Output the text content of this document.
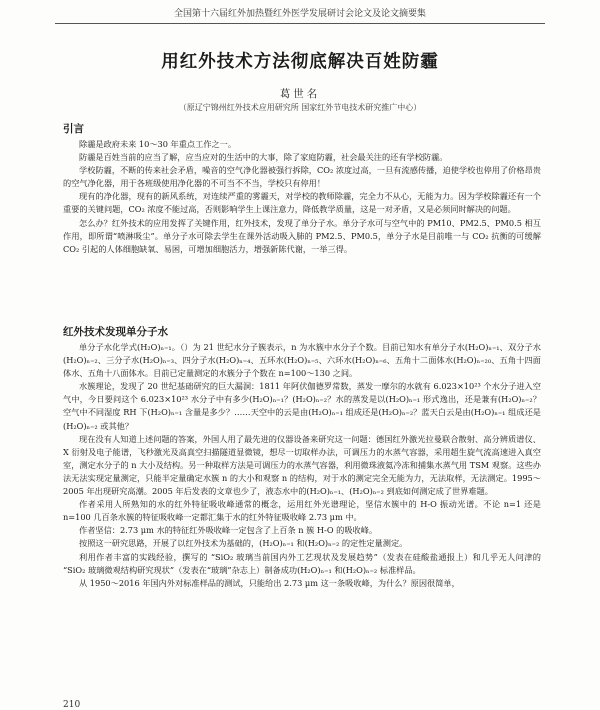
全国第十六届红外加热暨红外医学发展研讨会论文及论文摘要集
用红外技术方法彻底解决百姓防霾
葛世名
（原辽宁锦州红外技术应用研究所 国家红外节电技术研究推广中心）
引言

除霾是政府未来 10～30 年重点工作之一。

防霾是百姓当前的应当了解，应当应对的生活中的大事，除了家庭防霾，社会最关注的还有学校防霾。

学校防霾，不断的传来社会矛盾，噪音的空气净化器被强行拆除，CO₂ 浓度过高，一旦有流感传播，迫使学校也停用了价格昂贵的空气净化器，用于各班级使用净化器的不可当不不当，学校只有停用！

现有的净化器，现有的新风系统，对连续严重的雾霾天，对学校的教师除霾，完全力不从心，无能为力。因为学校除霾还有一个重要的关键问题，CO₂ 浓度不能过高，否则影响学生上课注意力，降低教学质量，这是一对矛盾，又是必须同时解决的问题。

怎么办？红外技术的应用发挥了关键作用，红外技术，发现了单分子水。单分子水可与空气中的 PM10、PM2.5、PM0.5 相互作用，即所谓“喷淋吸尘”。单分子水可除去学生在课外活动吸入肺的 PM2.5、PM0.5，单分子水是目前唯一与 CO₂ 抗衡的可缓解 CO₂ 引起的人体细胞缺氧、易困，可增加细胞活力，增强新陈代谢，一举三得。

红外技术发现单分子水

单分子水化学式(H₂O)ₙ₌₁。（）为 21 世纪水分子簇表示，n 为水簇中水分子个数。目前已知水有单分子水(H₂O)ₙ₌₁、双分子水(H₂O)ₙ₌₂、三分子水(H₂O)ₙ₌₃、四分子水(H₂O)ₙ₌₄、五环水(H₂O)ₙ₌₅、六环水(H₂O)ₙ₌₆、五角十二面体水(H₂O)ₙ₌₂₀、五角十四面体水、五角十八面体水。目前已定量测定的水簇分子个数在 n=100～130 之间。

水簇理论，发现了 20 世纪基础研究的巨大漏洞：1811 年阿伏伽德罗常数，蒸发一摩尔的水就有 6.023×10²³ 个水分子进入空气中，今日要问这个 6.023×10²³ 水分子中有多少(H₂O)ₙ₌₁？(H₂O)ₙ₌₂？水的蒸发是以(H₂O)ₙ₌₁ 形式逸出，还是兼有(H₂O)ₙ₌₂？空气中不同湿度 RH 下(H₂O)ₙ₌₁ 含量是多少？……天空中的云是由(H₂O)ₙ₌₁ 组成还是(H₂O)ₙ₌₂？蓝天白云是由(H₂O)ₙ₌₁ 组成还是(H₂O)ₙ₌₂ 或其他？

现在没有人知道上述问题的答案，外国人用了最先进的仪器设备来研究这一问题：德国红外激光拉曼联合散射、高分辨质谱仪、X 衍射及电子能谱，飞秒激光及高真空扫描隧道显微镜，想尽一切取样办法，可调压力的水蒸气容器，采用超生旋气流高速进入真空室，测定水分子的 n 大小及结构。另一种取样方法是可调压力的水蒸气容器，利用微珠液氦冷冻和捕集水蒸气用 TSM 观察。这些办法无法实现定量测定，只能半定量确定水簇 n 的大小和观察 n 的结构，对于水的测定完全无能为力，无法取样，无法测定。1995～2005 年出现研究高潮。2005 年后发表的文章也少了，液态水中的(H₂O)ₙ₌₁、(H₂O)ₙ₌₂ 到底如何测定成了世界难题。

作者采用人所熟知的水的红外特征吸收峰通常的概念，运用红外光谱理论，坚信水簇中的 H-O 振动光谱。不论 n=1 还是 n=100 几百条水簇的特征吸收峰一定都汇集于水的红外特征吸收峰 2.73 μm 中。

作者坚信：2.73 μm 水的特征红外吸收峰一定包含了上百条 n 簇 H-O 的吸收峰。

按照这一研究思路，开展了以红外技术为基础的，(H₂O)ₙ₌₁ 和(H₂O)ₙ₌₂ 的定性定量测定。

利用作者丰富的实践经验，撰写的 “SiO₂ 玻璃当前国内外工艺现状及发展趋势”（发表在硅酸盐通报上）和几乎无人问津的 “SiO₂ 玻璃微观结构研究现状”（发表在“玻璃”杂志上）制备成功(H₂O)ₙ₌₁ 和(H₂O)ₙ₌₂ 标准样品。

从 1950～2016 年国内外对标准样品的测试，只能给出 2.73 μm 这一条吸收峰，为什么？原因很简单，

210
